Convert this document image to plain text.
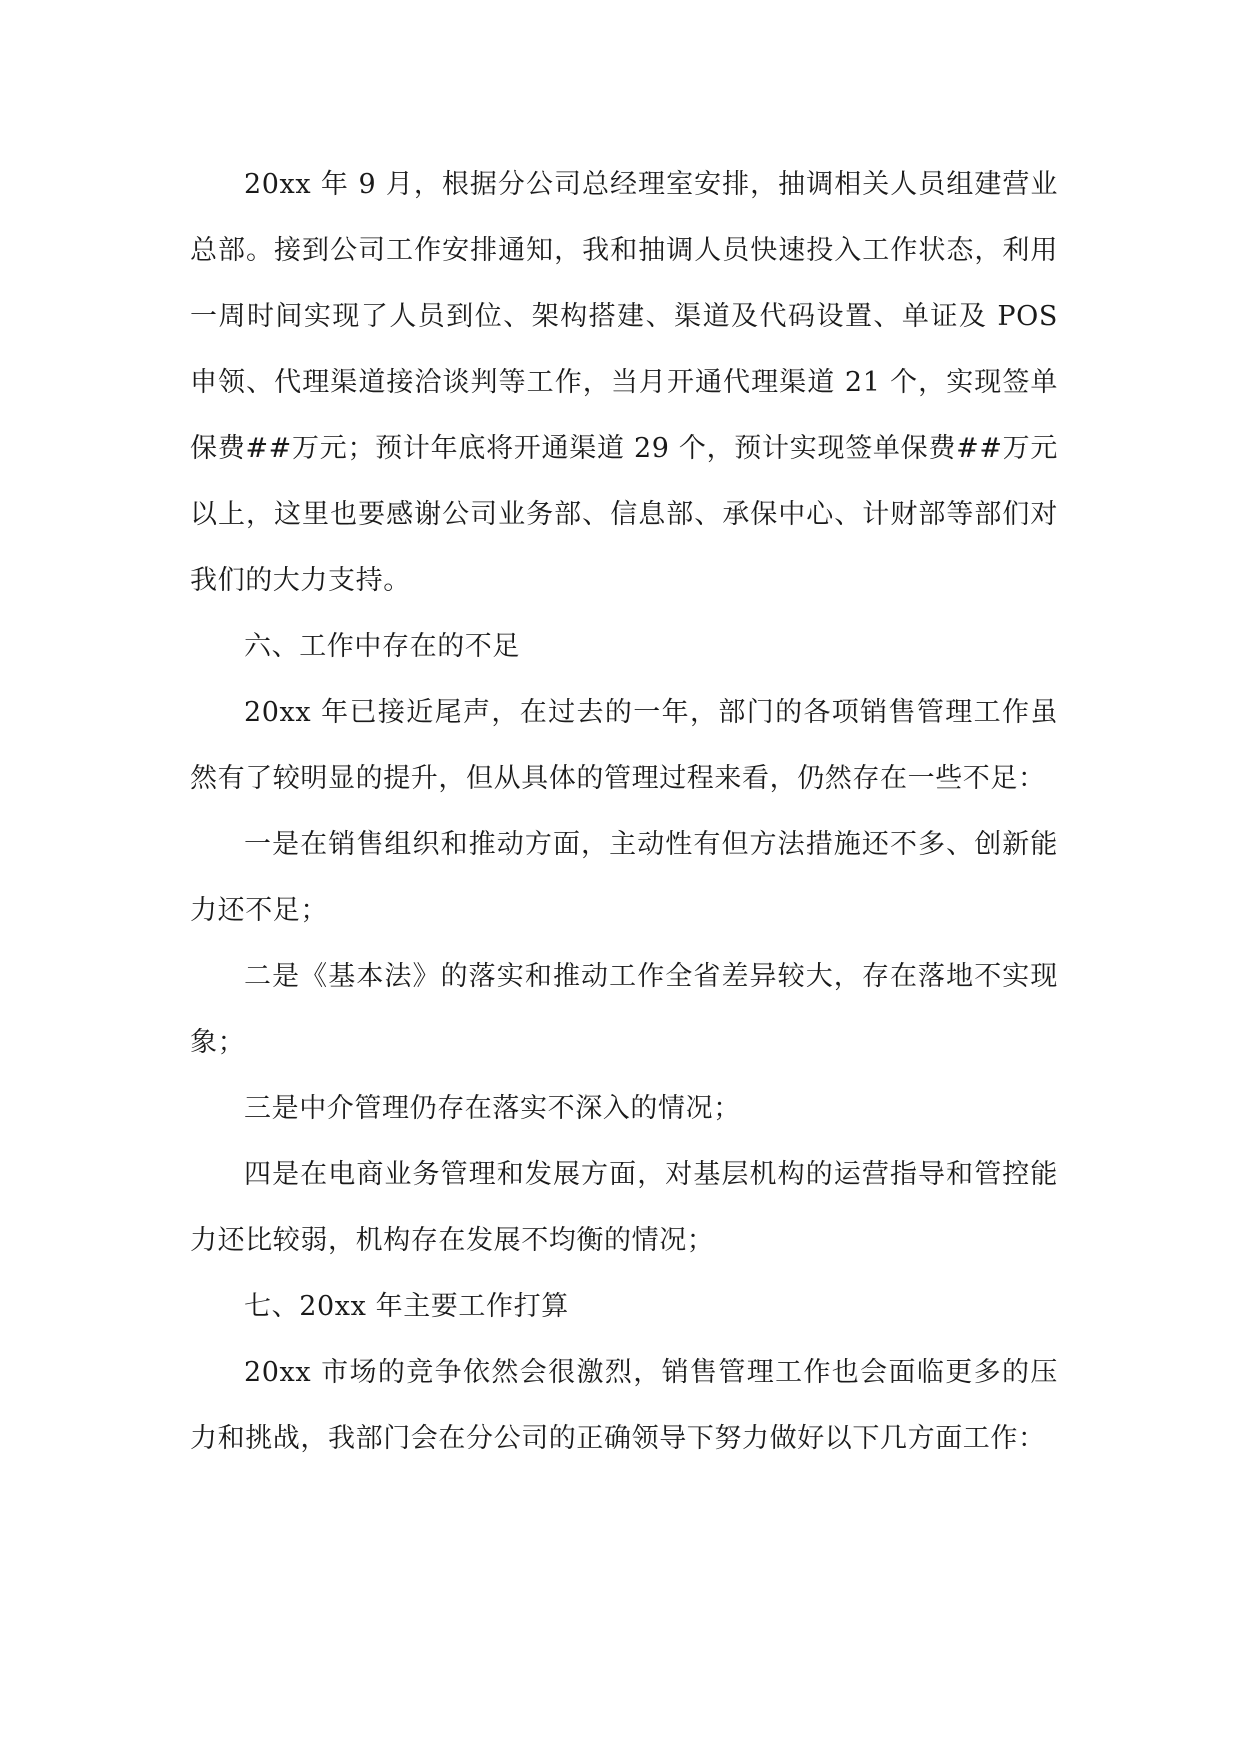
20xx 年 9 月，根据分公司总经理室安排，抽调相关人员组建营业总部。接到公司工作安排通知，我和抽调人员快速投入工作状态，利用一周时间实现了人员到位、架构搭建、渠道及代码设置、单证及 POS 申领、代理渠道接洽谈判等工作，当月开通代理渠道 21 个，实现签单保费##万元；预计年底将开通渠道 29 个，预计实现签单保费##万元以上，这里也要感谢公司业务部、信息部、承保中心、计财部等部们对我们的大力支持。

六、工作中存在的不足

20xx 年已接近尾声，在过去的一年，部门的各项销售管理工作虽然有了较明显的提升，但从具体的管理过程来看，仍然存在一些不足：

一是在销售组织和推动方面，主动性有但方法措施还不多、创新能力还不足；

二是《基本法》的落实和推动工作全省差异较大，存在落地不实现象；

三是中介管理仍存在落实不深入的情况；

四是在电商业务管理和发展方面，对基层机构的运营指导和管控能力还比较弱，机构存在发展不均衡的情况；

七、20xx 年主要工作打算

20xx 市场的竞争依然会很激烈，销售管理工作也会面临更多的压力和挑战，我部门会在分公司的正确领导下努力做好以下几方面工作：
